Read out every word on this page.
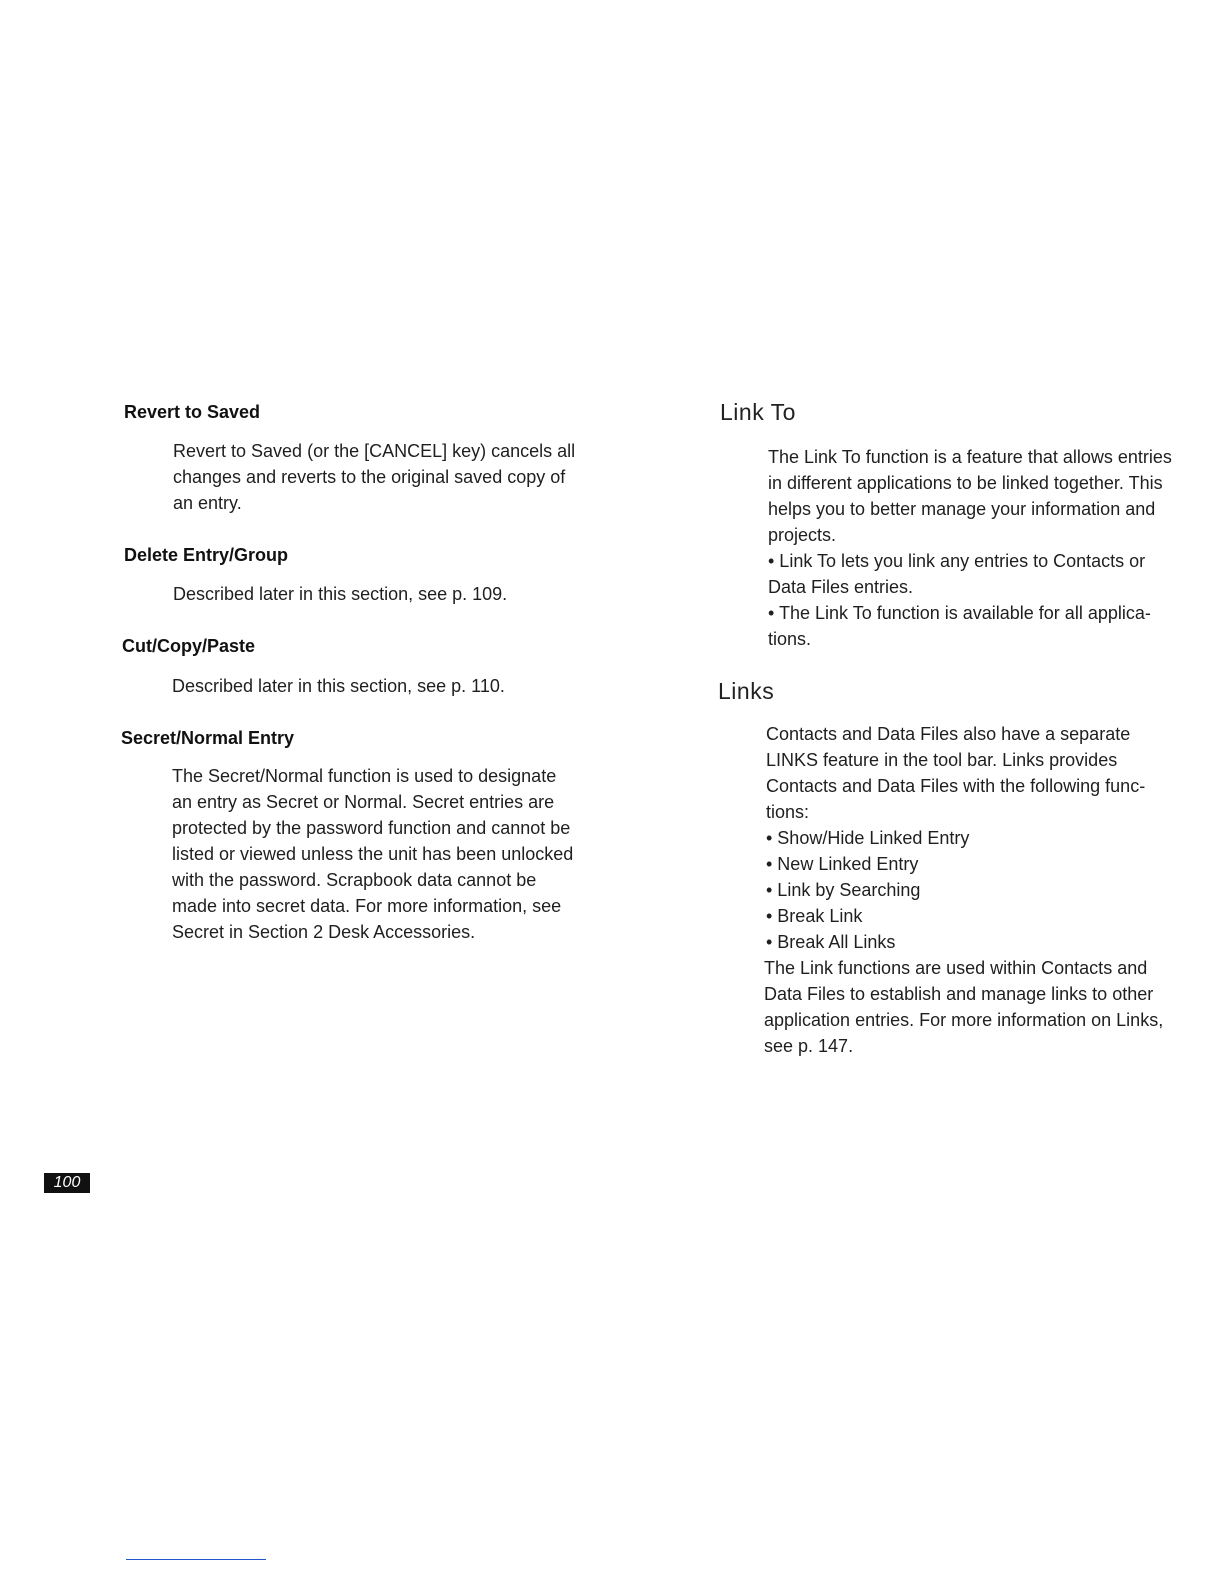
Revert to Saved
Revert to Saved (or the [CANCEL] key) cancels all
changes and reverts to the original saved copy of
an entry.
Delete Entry/Group
Described later in this section, see p. 109.
Cut/Copy/Paste
Described later in this section, see p. 110.
Secret/Normal Entry
The Secret/Normal function is used to designate
an entry as Secret or Normal. Secret entries are
protected by the password function and cannot be
listed or viewed unless the unit has been unlocked
with the password. Scrapbook data cannot be
made into secret data. For more information, see
Secret in Section 2 Desk Accessories.
Link To
The Link To function is a feature that allows entries
in different applications to be linked together. This
helps you to better manage your information and
projects.
• Link To lets you link any entries to Contacts or
Data Files entries.
• The Link To function is available for all applica-
tions.
Links
Contacts and Data Files also have a separate
LINKS feature in the tool bar. Links provides
Contacts and Data Files with the following func-
tions:
• Show/Hide Linked Entry
• New Linked Entry
• Link by Searching
• Break Link
• Break All Links
The Link functions are used within Contacts and
Data Files to establish and manage links to other
application entries. For more information on Links,
see p. 147.
100
